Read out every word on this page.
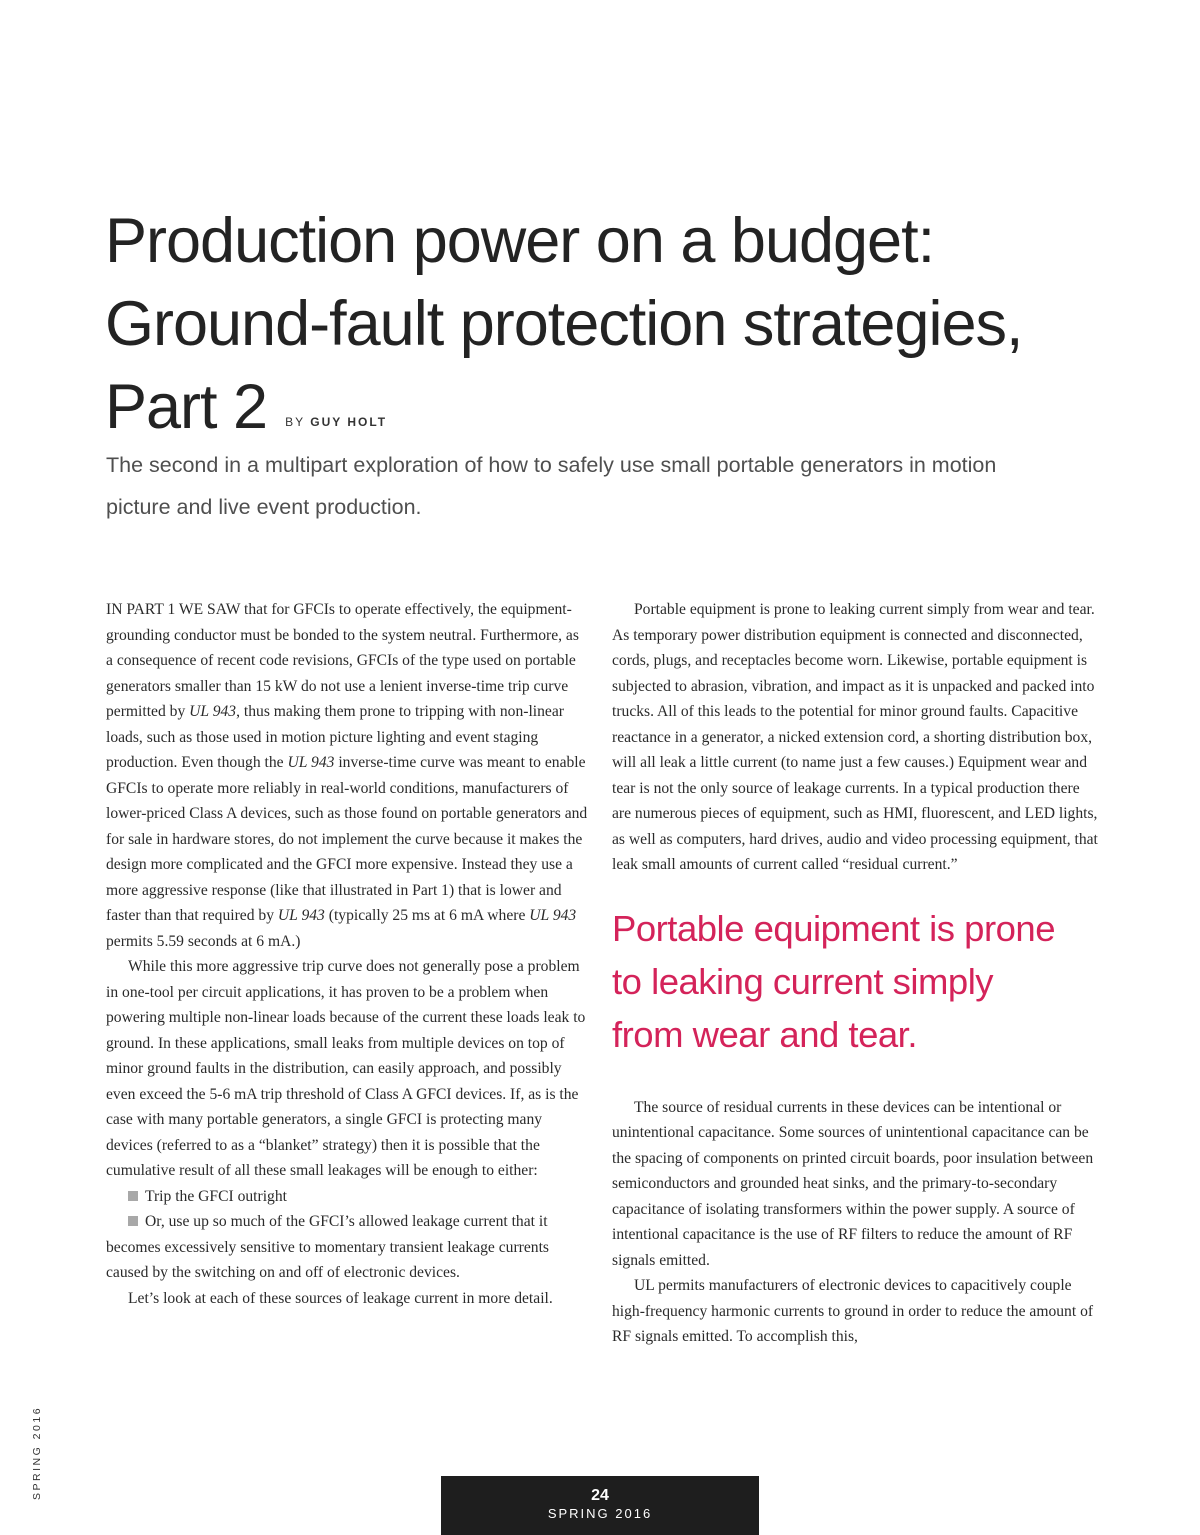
Production power on a budget:
Ground-fault protection strategies,
Part 2 BY GUY HOLT

The second in a multipart exploration of how to safely use small portable generators in motion picture and live event production.

IN PART 1 WE SAW that for GFCIs to operate effectively, the equipment-grounding conductor must be bonded to the system neutral. Furthermore, as a consequence of recent code revisions, GFCIs of the type used on portable generators smaller than 15 kW do not use a lenient inverse-time trip curve permitted by UL 943, thus making them prone to tripping with non-linear loads, such as those used in motion picture lighting and event staging production. Even though the UL 943 inverse-time curve was meant to enable GFCIs to operate more reliably in real-world conditions, manufacturers of lower-priced Class A devices, such as those found on portable generators and for sale in hardware stores, do not implement the curve because it makes the design more complicated and the GFCI more expensive. Instead they use a more aggressive response (like that illustrated in Part 1) that is lower and faster than that required by UL 943 (typically 25 ms at 6 mA where UL 943 permits 5.59 seconds at 6 mA.)

While this more aggressive trip curve does not generally pose a problem in one-tool per circuit applications, it has proven to be a problem when powering multiple non-linear loads because of the current these loads leak to ground. In these applications, small leaks from multiple devices on top of minor ground faults in the distribution, can easily approach, and possibly even exceed the 5-6 mA trip threshold of Class A GFCI devices. If, as is the case with many portable generators, a single GFCI is protecting many devices (referred to as a “blanket” strategy) then it is possible that the cumulative result of all these small leakages will be enough to either:

Trip the GFCI outright

Or, use up so much of the GFCI’s allowed leakage current that it becomes excessively sensitive to momentary transient leakage currents caused by the switching on and off of electronic devices.

Let’s look at each of these sources of leakage current in more detail.

Portable equipment is prone to leaking current simply from wear and tear. As temporary power distribution equipment is connected and disconnected, cords, plugs, and receptacles become worn. Likewise, portable equipment is subjected to abrasion, vibration, and impact as it is unpacked and packed into trucks. All of this leads to the potential for minor ground faults. Capacitive reactance in a generator, a nicked extension cord, a shorting distribution box, will all leak a little current (to name just a few causes.) Equipment wear and tear is not the only source of leakage currents. In a typical production there are numerous pieces of equipment, such as HMI, fluorescent, and LED lights, as well as computers, hard drives, audio and video processing equipment, that leak small amounts of current called “residual current.”

Portable equipment is prone
to leaking current simply
from wear and tear.

The source of residual currents in these devices can be intentional or unintentional capacitance. Some sources of unintentional capacitance can be the spacing of components on printed circuit boards, poor insulation between semiconductors and grounded heat sinks, and the primary-to-secondary capacitance of isolating transformers within the power supply. A source of intentional capacitance is the use of RF filters to reduce the amount of RF signals emitted.

UL permits manufacturers of electronic devices to capacitively couple high-frequency harmonic currents to ground in order to reduce the amount of RF signals emitted. To accomplish this,

SPRING 2016	24
SPRING 2016
